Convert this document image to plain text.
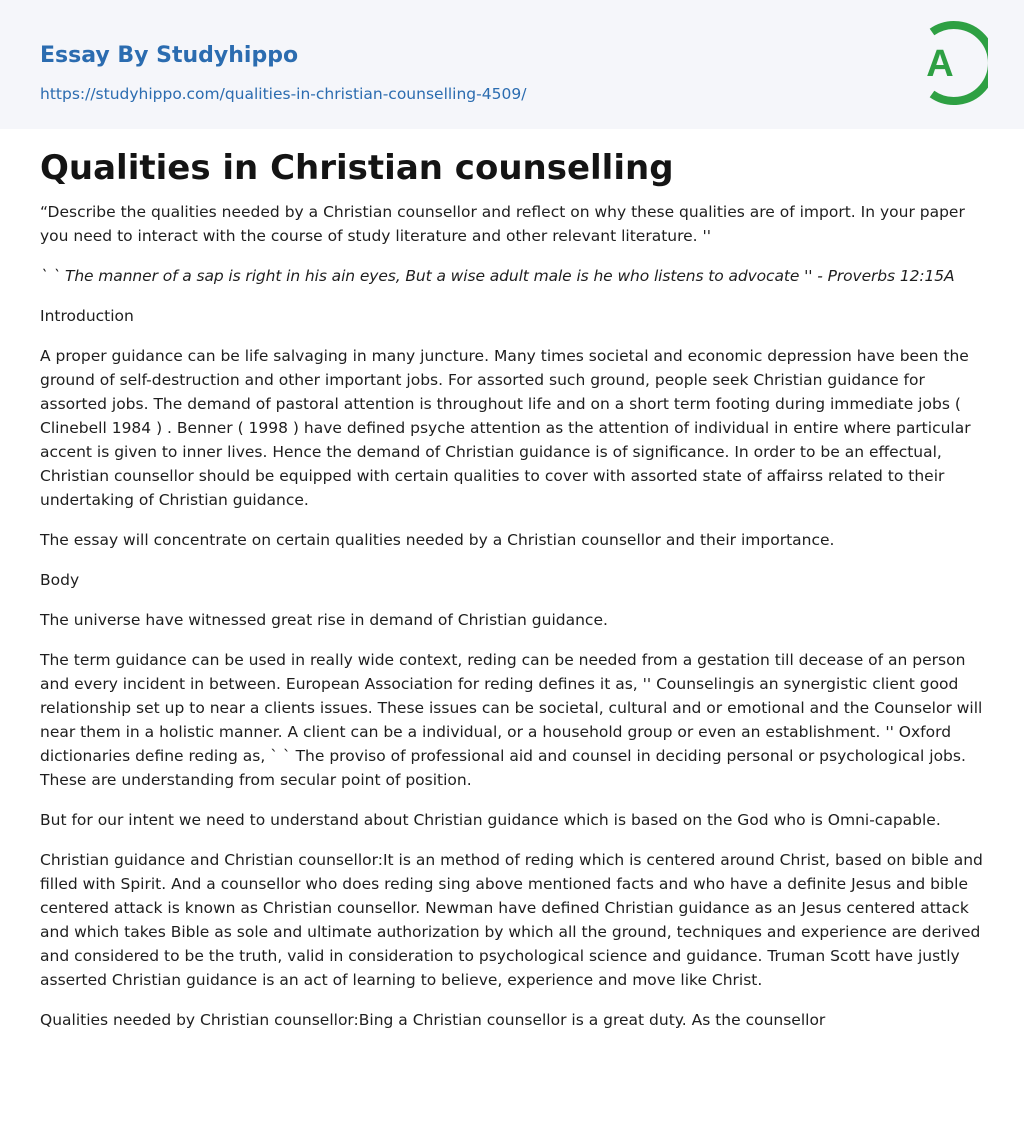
Essay By Studyhippo
https://studyhippo.com/qualities-in-christian-counselling-4509/
A
Qualities in Christian counselling

“Describe the qualities needed by a Christian counsellor and reflect on why these qualities are of import. In your paper you need to interact with the course of study literature and other relevant literature. ''

` ` The manner of a sap is right in his ain eyes, But a wise adult male is he who listens to advocate '' - Proverbs 12:15A

Introduction

A proper guidance can be life salvaging in many juncture. Many times societal and economic depression have been the ground of self-destruction and other important jobs. For assorted such ground, people seek Christian guidance for assorted jobs. The demand of pastoral attention is throughout life and on a short term footing during immediate jobs ( Clinebell 1984 ) . Benner ( 1998 ) have defined psyche attention as the attention of individual in entire where particular accent is given to inner lives. Hence the demand of Christian guidance is of significance. In order to be an effectual, Christian counsellor should be equipped with certain qualities to cover with assorted state of affairss related to their undertaking of Christian guidance.

The essay will concentrate on certain qualities needed by a Christian counsellor and their importance.

Body

The universe have witnessed great rise in demand of Christian guidance.

The term guidance can be used in really wide context, reding can be needed from a gestation till decease of an person and every incident in between. European Association for reding defines it as, '' Counselingis an synergistic client good relationship set up to near a clients issues. These issues can be societal, cultural and or emotional and the Counselor will near them in a holistic manner. A client can be a individual, or a household group or even an establishment. '' Oxford dictionaries define reding as, ` ` The proviso of professional aid and counsel in deciding personal or psychological jobs. These are understanding from secular point of position.

But for our intent we need to understand about Christian guidance which is based on the God who is Omni-capable.

Christian guidance and Christian counsellor:It is an method of reding which is centered around Christ, based on bible and filled with Spirit. And a counsellor who does reding sing above mentioned facts and who have a definite Jesus and bible centered attack is known as Christian counsellor. Newman have defined Christian guidance as an Jesus centered attack and which takes Bible as sole and ultimate authorization by which all the ground, techniques and experience are derived and considered to be the truth, valid in consideration to psychological science and guidance. Truman Scott have justly asserted Christian guidance is an act of learning to believe, experience and move like Christ.

Qualities needed by Christian counsellor:Bing a Christian counsellor is a great duty. As the counsellor
